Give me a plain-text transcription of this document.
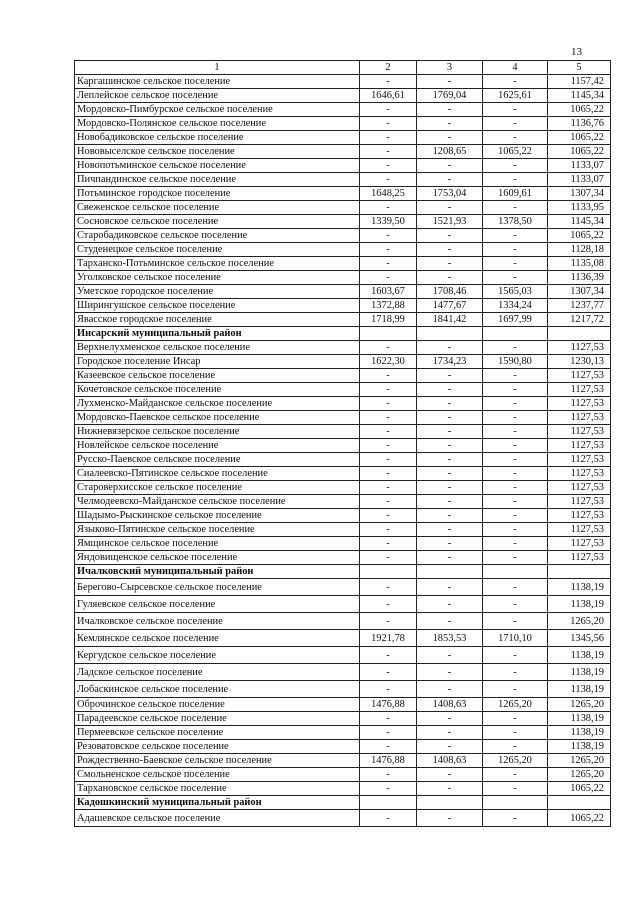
13
1	2	3	4	5
Каргашинское сельское поселение	-	-	-	1157,42
Леплейское сельское поселение	1646,61	1769,04	1625,61	1145,34
Мордовско-Пимбурское сельское поселение	-	-	-	1065,22
Мордовско-Полянское сельское поселение	-	-	-	1136,76
Новобадиковское сельское поселение	-	-	-	1065,22
Нововыселское сельское поселение	-	1208,65	1065,22	1065,22
Новопотьминское сельское поселение	-	-	-	1133,07
Пичпандинское сельское поселение	-	-	-	1133,07
Потьминское городское поселение	1648,25	1753,04	1609,61	1307,34
Свеженское сельское поселение	-	-	-	1133,95
Сосновское сельское поселение	1339,50	1521,93	1378,50	1145,34
Старобадиковское сельское поселение	-	-	-	1065,22
Студенецкое сельское поселение	-	-	-	1128,18
Тарханско-Потьминское сельское поселение	-	-	-	1135,08
Уголковское сельское поселение	-	-	-	1136,39
Уметское городское поселение	1603,67	1708,46	1565,03	1307,34
Ширингушское сельское поселение	1372,88	1477,67	1334,24	1237,77
Явасское городское поселение	1718,99	1841,42	1697,99	1217,72
Инсарский муниципальный район				
Верхнелухменское сельское поселение	-	-	-	1127,53
Городское поселение Инсар	1622,30	1734,23	1590,80	1230,13
Казеевское сельское поселение	-	-	-	1127,53
Кочетовское сельское поселение	-	-	-	1127,53
Лухменско-Майданское сельское поселение	-	-	-	1127,53
Мордовско-Паевское сельское поселение	-	-	-	1127,53
Нижневязерское сельское поселение	-	-	-	1127,53
Новлейское сельское поселение	-	-	-	1127,53
Русско-Паевское сельское поселение	-	-	-	1127,53
Сиалеевско-Пятинское сельское поселение	-	-	-	1127,53
Староверхисское сельское поселение	-	-	-	1127,53
Челмодеевско-Майданское сельское поселение	-	-	-	1127,53
Шадымо-Рыскинское сельское поселение	-	-	-	1127,53
Языково-Пятинское сельское поселение	-	-	-	1127,53
Ямщинское сельское поселение	-	-	-	1127,53
Яндовищенское сельское поселение	-	-	-	1127,53
Ичалковский муниципальный район				
Берегово-Сырсевское сельское поселение	-	-	-	1138,19
Гуляевское сельское поселение	-	-	-	1138,19
Ичалковское сельское поселение	-	-	-	1265,20
Кемлянское сельское поселение	1921,78	1853,53	1710,10	1345,56
Кергудское сельское поселение	-	-	-	1138,19
Ладское сельское поселение	-	-	-	1138,19
Лобаскинское сельское поселение	-	-	-	1138,19
Оброчинское сельское поселение	1476,88	1408,63	1265,20	1265,20
Парадеевское сельское поселение	-	-	-	1138,19
Пермеевское сельское поселение	-	-	-	1138,19
Резоватовское сельское поселение	-	-	-	1138,19
Рождественно-Баевское сельское поселение	1476,88	1408,63	1265,20	1265,20
Смольненское сельское поселение	-	-	-	1265,20
Тархановское сельское поселение	-	-	-	1065,22
Кадошкинский муниципальный район				
Адашевское сельское поселение	-	-	-	1065,22
